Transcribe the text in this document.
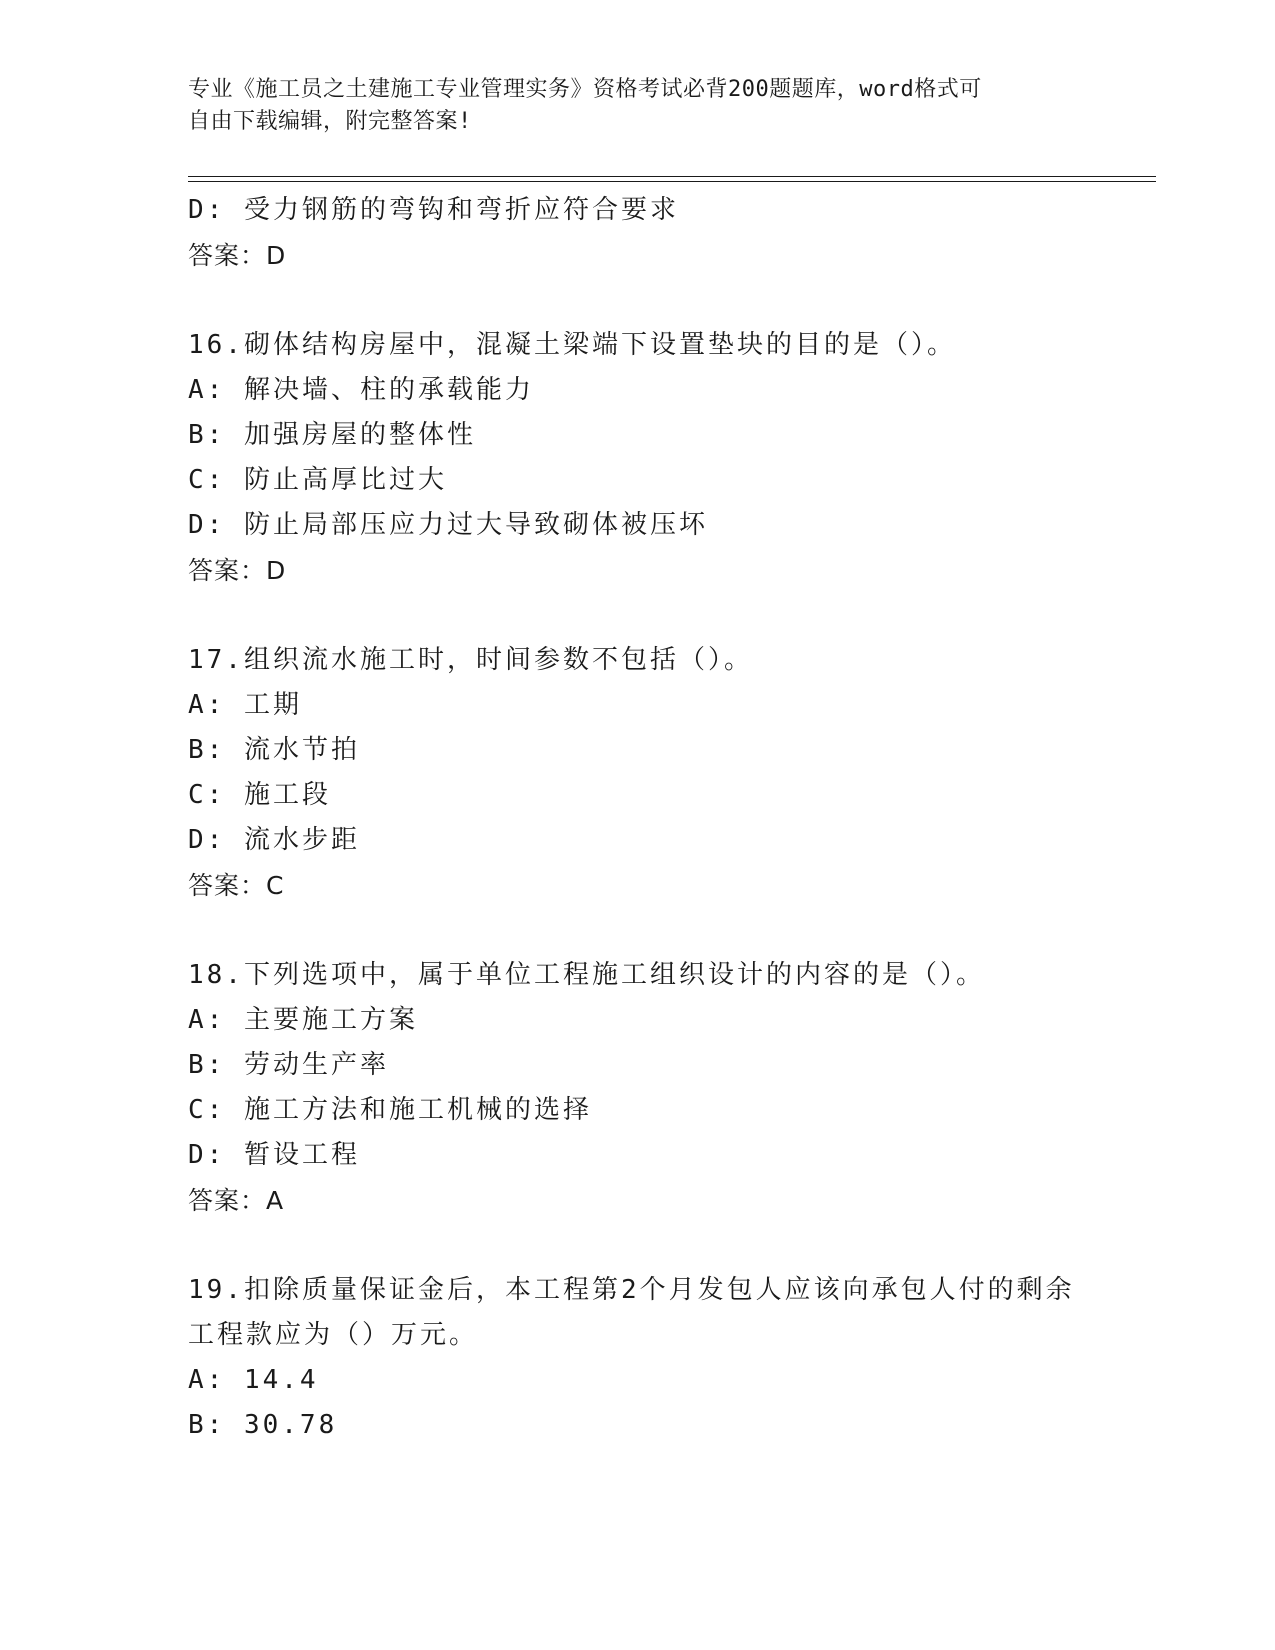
专业《施工员之土建施工专业管理实务》资格考试必背200题题库，word格式可
自由下载编辑，附完整答案!
D: 受力钢筋的弯钩和弯折应符合要求
答案：D
16.砌体结构房屋中，混凝土梁端下设置垫块的目的是（）。
A: 解决墙、柱的承载能力
B: 加强房屋的整体性
C: 防止高厚比过大
D: 防止局部压应力过大导致砌体被压坏
答案：D
17.组织流水施工时，时间参数不包括（）。
A: 工期
B: 流水节拍
C: 施工段
D: 流水步距
答案：C
18.下列选项中，属于单位工程施工组织设计的内容的是（）。
A: 主要施工方案
B: 劳动生产率
C: 施工方法和施工机械的选择
D: 暂设工程
答案：A
19.扣除质量保证金后，本工程第2个月发包人应该向承包人付的剩余
工程款应为（）万元。
A: 14.4
B: 30.78
